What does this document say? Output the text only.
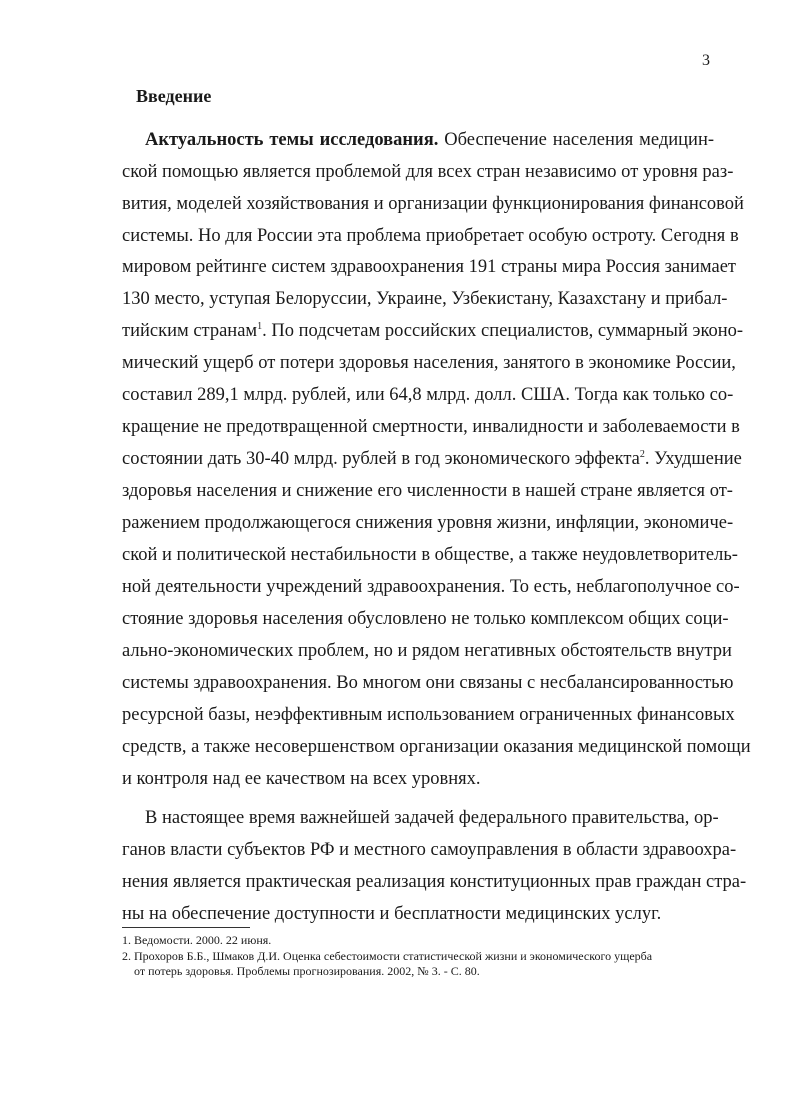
3
Введение
Актуальность темы исследования. Обеспечение населения медицин-
ской помощью является проблемой для всех стран независимо от уровня раз-
вития, моделей хозяйствования и организации функционирования финансовой
системы. Но для России эта проблема приобретает особую остроту. Сегодня в
мировом рейтинге систем здравоохранения 191 страны мира Россия занимает
130 место, уступая Белоруссии, Украине, Узбекистану, Казахстану и прибал-
тийским странам$^1$. По подсчетам российских специалистов, суммарный эконо-
мический ущерб от потери здоровья населения, занятого в экономике России,
составил 289,1 млрд. рублей, или 64,8 млрд. долл. США. Тогда как только со-
кращение не предотвращенной смертности, инвалидности и заболеваемости в
состоянии дать 30-40 млрд. рублей в год экономического эффекта$^2$. Ухудшение
здоровья населения и снижение его численности в нашей стране является от-
ражением продолжающегося снижения уровня жизни, инфляции, экономиче-
ской и политической нестабильности в обществе, а также неудовлетворитель-
ной деятельности учреждений здравоохранения. То есть, неблагополучное со-
стояние здоровья населения обусловлено не только комплексом общих соци-
ально-экономических проблем, но и рядом негативных обстоятельств внутри
системы здравоохранения. Во многом они связаны с несбалансированностью
ресурсной базы, неэффективным использованием ограниченных финансовых
средств, а также несовершенством организации оказания медицинской помощи
и контроля над ее качеством на всех уровнях.
В настоящее время важнейшей задачей федерального правительства, ор-
ганов власти субъектов РФ и местного самоуправления в области здравоохра-
нения является практическая реализация конституционных прав граждан стра-
ны на обеспечение доступности и бесплатности медицинских услуг.
1. Ведомости. 2000. 22 июня.
2. Прохоров Б.Б., Шмаков Д.И. Оценка себестоимости статистической жизни и экономического ущерба
от потерь здоровья. Проблемы прогнозирования. 2002, № 3. - С. 80.
